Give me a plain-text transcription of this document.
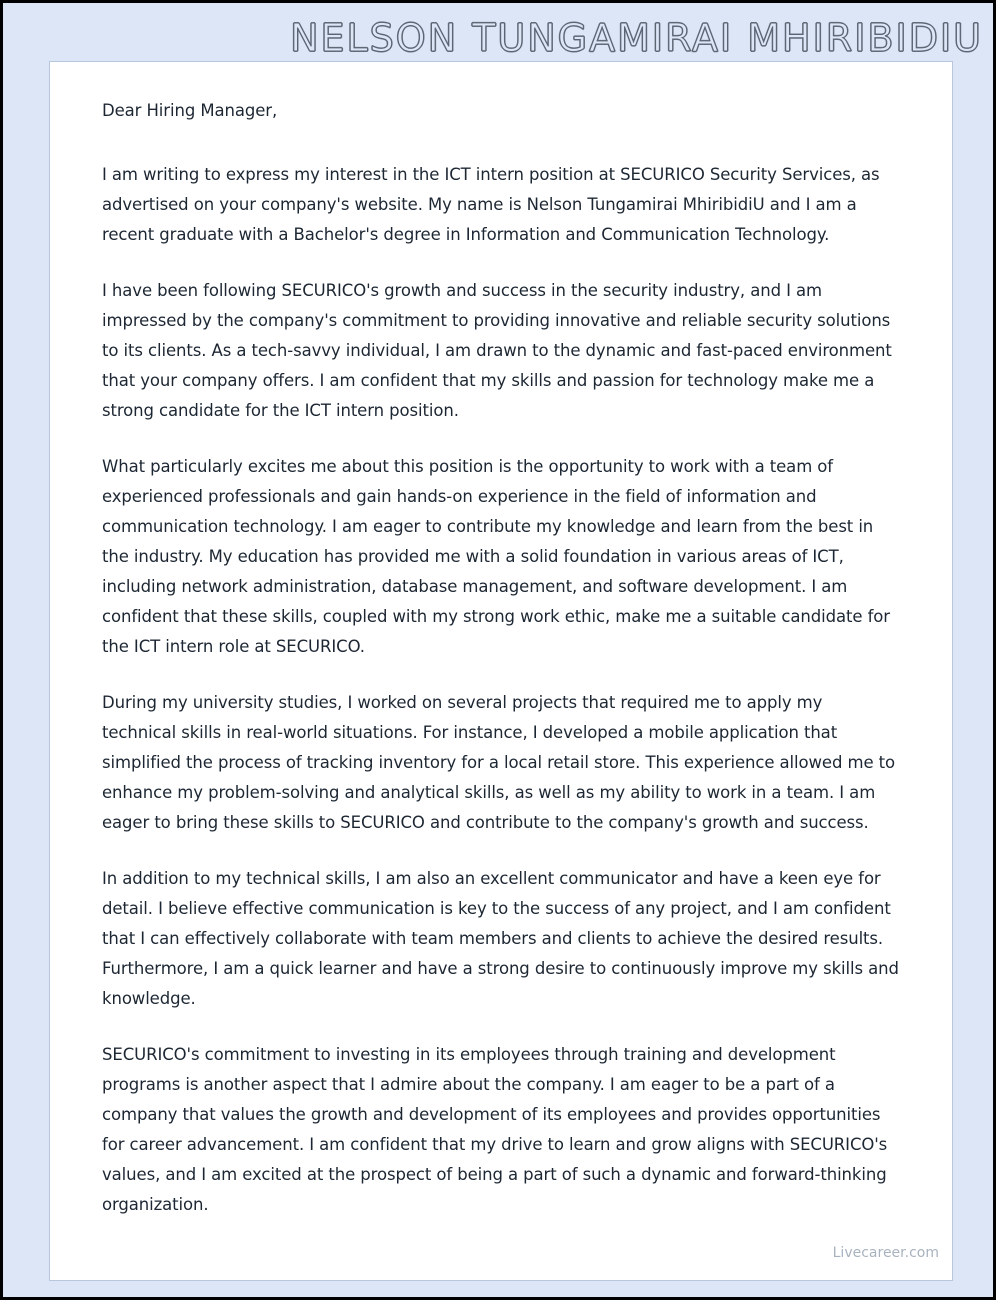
NELSON TUNGAMIRAI MHIRIBIDIU

Dear Hiring Manager,

I am writing to express my interest in the ICT intern position at SECURICO Security Services, as advertised on your company's website. My name is Nelson Tungamirai MhiribidiU and I am a recent graduate with a Bachelor's degree in Information and Communication Technology.

I have been following SECURICO's growth and success in the security industry, and I am impressed by the company's commitment to providing innovative and reliable security solutions to its clients. As a tech-savvy individual, I am drawn to the dynamic and fast-paced environment that your company offers. I am confident that my skills and passion for technology make me a strong candidate for the ICT intern position.

What particularly excites me about this position is the opportunity to work with a team of experienced professionals and gain hands-on experience in the field of information and communication technology. I am eager to contribute my knowledge and learn from the best in the industry. My education has provided me with a solid foundation in various areas of ICT, including network administration, database management, and software development. I am confident that these skills, coupled with my strong work ethic, make me a suitable candidate for the ICT intern role at SECURICO.

During my university studies, I worked on several projects that required me to apply my technical skills in real-world situations. For instance, I developed a mobile application that simplified the process of tracking inventory for a local retail store. This experience allowed me to enhance my problem-solving and analytical skills, as well as my ability to work in a team. I am eager to bring these skills to SECURICO and contribute to the company's growth and success.

In addition to my technical skills, I am also an excellent communicator and have a keen eye for detail. I believe effective communication is key to the success of any project, and I am confident that I can effectively collaborate with team members and clients to achieve the desired results. Furthermore, I am a quick learner and have a strong desire to continuously improve my skills and knowledge.

SECURICO's commitment to investing in its employees through training and development programs is another aspect that I admire about the company. I am eager to be a part of a company that values the growth and development of its employees and provides opportunities for career advancement. I am confident that my drive to learn and grow aligns with SECURICO's values, and I am excited at the prospect of being a part of such a dynamic and forward-thinking organization.

Livecareer.com
